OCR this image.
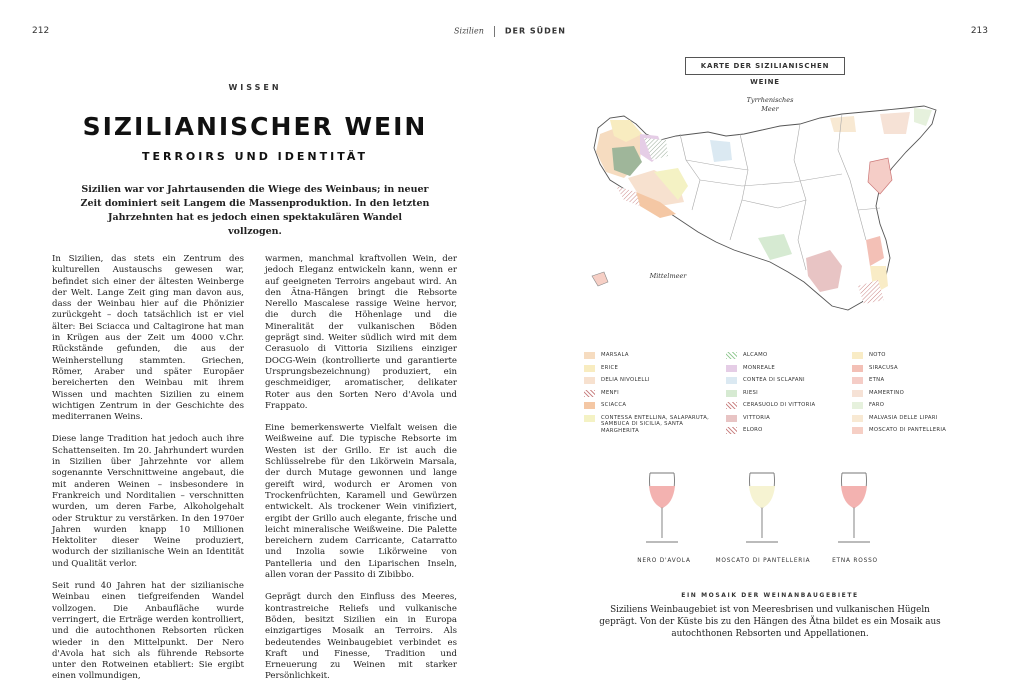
212	213
Sizilien	DER SÜDEN
WISSEN
SIZILIANISCHER WEIN
TERROIRS UND IDENTITÄT
Sizilien war vor Jahrtausenden die Wiege des Weinbaus; in neuer Zeit dominiert seit Langem die Massenproduktion. In den letzten Jahrzehnten hat es jedoch einen spektakulären Wandel vollzogen.

In Sizilien, das stets ein Zentrum des kulturellen Austauschs gewesen war, befindet sich einer der ältesten Weinberge der Welt. Lange Zeit ging man davon aus, dass der Weinbau hier auf die Phönizier zurückgeht – doch tatsächlich ist er viel älter: Bei Sciacca und Caltagirone hat man in Krügen aus der Zeit um 4000 v.Chr. Rückstände gefunden, die aus der Weinherstellung stammten. Griechen, Römer, Araber und später Europäer bereicherten den Weinbau mit ihrem Wissen und machten Sizilien zu einem wichtigen Zentrum in der Geschichte des mediterranen Weins.

Diese lange Tradition hat jedoch auch ihre Schattenseiten. Im 20. Jahrhundert wurden in Sizilien über Jahrzehnte vor allem sogenannte Verschnittweine angebaut, die mit anderen Weinen – insbesondere in Frankreich und Norditalien – verschnitten wurden, um deren Farbe, Alkoholgehalt oder Struktur zu verstärken. In den 1970er Jahren wurden knapp 10 Millionen Hektoliter dieser Weine produziert, wodurch der sizilianische Wein an Identität und Qualität verlor.

Seit rund 40 Jahren hat der sizilianische Weinbau einen tiefgreifenden Wandel vollzogen. Die Anbaufläche wurde verringert, die Erträge werden kontrolliert, und die autochthonen Rebsorten rücken wieder in den Mittelpunkt. Der Nero d'Avola hat sich als führende Rebsorte unter den Rotweinen etabliert: Sie ergibt einen vollmundigen,

warmen, manchmal kraftvollen Wein, der jedoch Eleganz entwickeln kann, wenn er auf geeigneten Terroirs angebaut wird. An den Ätna-Hängen bringt die Rebsorte Nerello Mascalese rassige Weine hervor, die durch die Höhenlage und die Mineralität der vulkanischen Böden geprägt sind. Weiter südlich wird mit dem Cerasuolo di Vittoria Siziliens einziger DOCG-Wein (kontrollierte und garantierte Ursprungsbezeichnung) produziert, ein geschmeidiger, aromatischer, delikater Roter aus den Sorten Nero d'Avola und Frappato.

Eine bemerkenswerte Vielfalt weisen die Weißweine auf. Die typische Rebsorte im Westen ist der Grillo. Er ist auch die Schlüsselrebe für den Likörwein Marsala, der durch Mutage gewonnen und lange gereift wird, wodurch er Aromen von Trockenfrüchten, Karamell und Gewürzen entwickelt. Als trockener Wein vinifiziert, ergibt der Grillo auch elegante, frische und leicht mineralische Weißweine. Die Palette bereichern zudem Carricante, Catarratto und Inzolia sowie Likörweine von Pantelleria und den Liparischen Inseln, allen voran der Passito di Zibibbo.

Geprägt durch den Einfluss des Meeres, kontrastreiche Reliefs und vulkanische Böden, besitzt Sizilien ein in Europa einzigartiges Mosaik an Terroirs. Als bedeutendes Weinbaugebiet verbindet es Kraft und Finesse, Tradition und Erneuerung zu Weinen mit starker Persönlichkeit.

KARTE DER SIZILIANISCHEN WEINE
Tyrrhenisches
Meer
Mittelmeer
MARSALA
ERICE
DELIA NIVOLELLI
MENFI
SCIACCA
CONTESSA ENTELLINA, SALAPARUTA, SAMBUCA DI SICILIA, SANTA MARGHERITA
ALCAMO
MONREALE
CONTEA DI SCLAFANI
RIESI
CERASUOLO DI VITTORIA
VITTORIA
ELORO
NOTO
SIRACUSA
ETNA
MAMERTINO
FARO
MALVASIA DELLE LIPARI
MOSCATO DI PANTELLERIA
NERO D'AVOLA	MOSCATO DI PANTELLERIA	ETNA ROSSO
EIN MOSAIK DER WEINANBAUGEBIETE
Siziliens Weinbaugebiet ist von Meeresbrisen und vulkanischen Hügeln geprägt. Von der Küste bis zu den Hängen des Ätna bildet es ein Mosaik aus autochthonen Rebsorten und Appellationen.
